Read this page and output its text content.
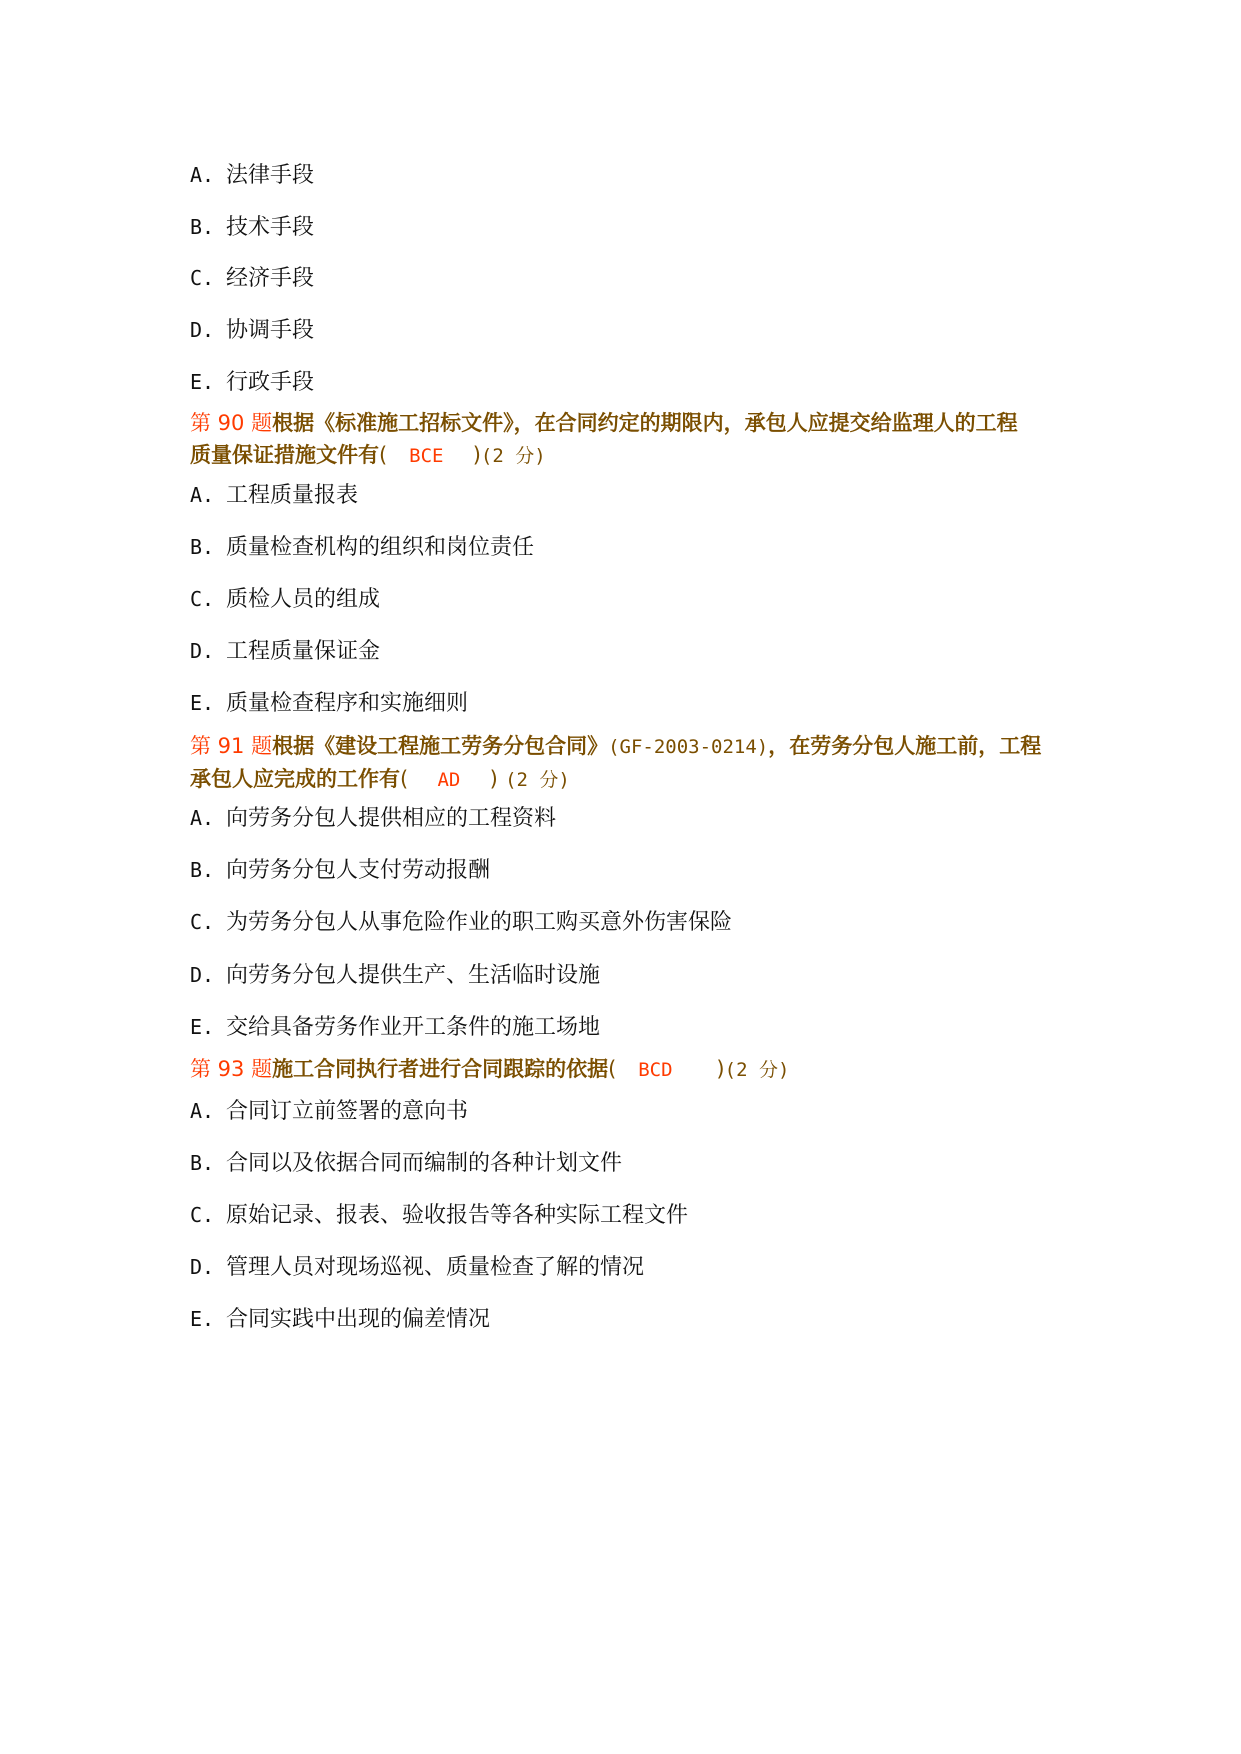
A. 法律手段
B. 技术手段
C. 经济手段
D. 协调手段
E. 行政手段
第 90 题根据《标准施工招标文件》，在合同约定的期限内，承包人应提交给监理人的工程
质量保证措施文件有( BCE )(2 分)
A. 工程质量报表
B. 质量检查机构的组织和岗位责任
C. 质检人员的组成
D. 工程质量保证金
E. 质量检查程序和实施细则
第 91 题根据《建设工程施工劳务分包合同》(GF-2003-0214)，在劳务分包人施工前，工程
承包人应完成的工作有( AD ) (2 分)
A. 向劳务分包人提供相应的工程资料
B. 向劳务分包人支付劳动报酬
C. 为劳务分包人从事危险作业的职工购买意外伤害保险
D. 向劳务分包人提供生产、生活临时设施
E. 交给具备劳务作业开工条件的施工场地
第 93 题施工合同执行者进行合同跟踪的依据( BCD )(2 分)
A. 合同订立前签署的意向书
B. 合同以及依据合同而编制的各种计划文件
C. 原始记录、报表、验收报告等各种实际工程文件
D. 管理人员对现场巡视、质量检查了解的情况
E. 合同实践中出现的偏差情况
